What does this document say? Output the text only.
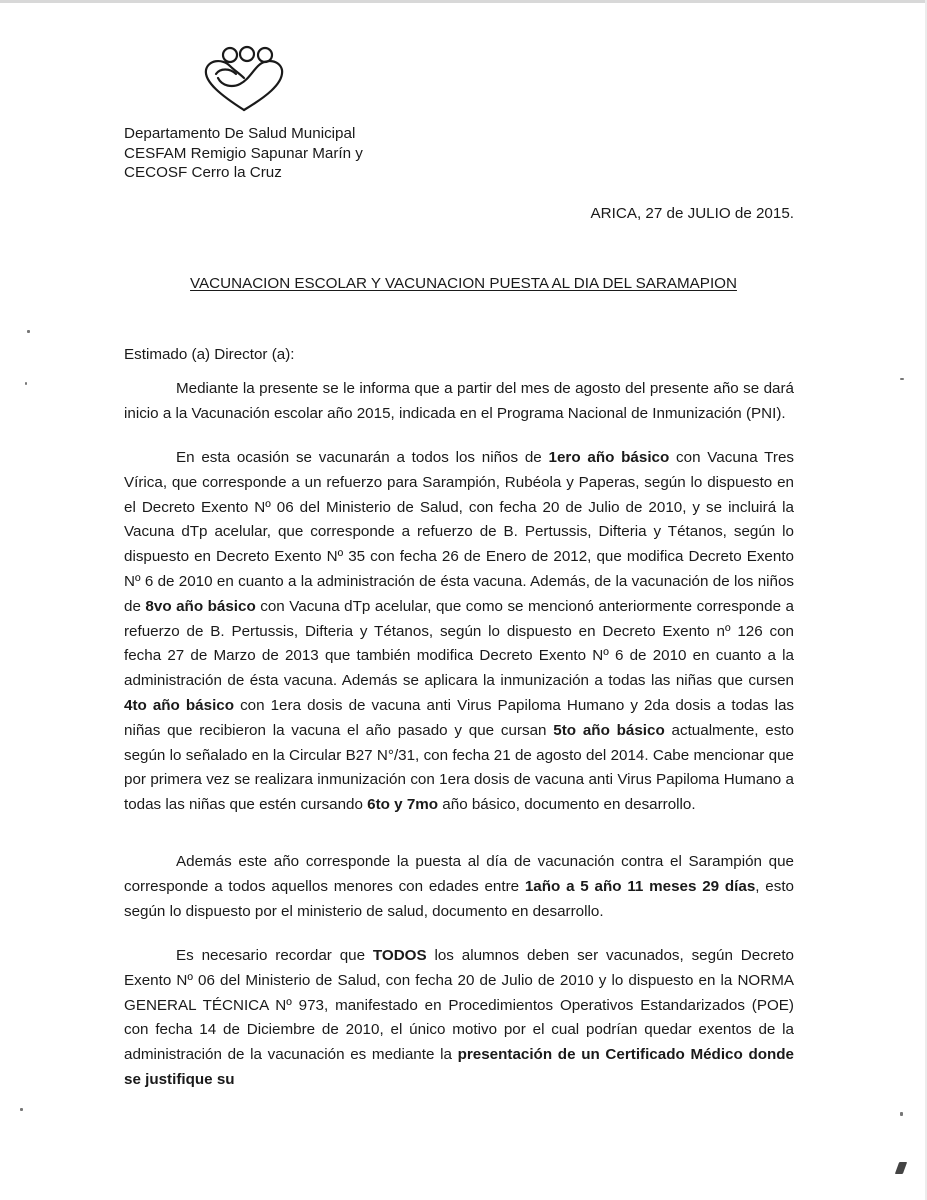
Departamento De Salud Municipal
CESFAM Remigio Sapunar Marín y
CECOSF Cerro la Cruz
ARICA, 27 de JULIO de 2015.
VACUNACION ESCOLAR Y VACUNACION PUESTA AL DIA DEL SARAMAPION
Estimado (a) Director (a):

Mediante la presente se le informa que a partir del mes de agosto del presente año se dará inicio a la Vacunación escolar año 2015, indicada en el Programa Nacional de Inmunización (PNI).

En esta ocasión se vacunarán a todos los niños de 1ero año básico con Vacuna Tres Vírica, que corresponde a un refuerzo para Sarampión, Rubéola y Paperas, según lo dispuesto en el Decreto Exento Nº 06 del Ministerio de Salud, con fecha 20 de Julio de 2010, y se incluirá la Vacuna dTp acelular, que corresponde a refuerzo de B. Pertussis, Difteria y Tétanos, según lo dispuesto en Decreto Exento Nº 35 con fecha 26 de Enero de 2012, que modifica Decreto Exento Nº 6 de 2010 en cuanto a la administración de ésta vacuna. Además, de la vacunación de los niños de 8vo año básico con Vacuna dTp acelular, que como se mencionó anteriormente corresponde a refuerzo de B. Pertussis, Difteria y Tétanos, según lo dispuesto en Decreto Exento nº 126 con fecha 27 de Marzo de 2013 que también modifica Decreto Exento Nº 6 de 2010 en cuanto a la administración de ésta vacuna. Además se aplicara la inmunización a todas las niñas que cursen 4to año básico con 1era dosis de vacuna anti Virus Papiloma Humano y 2da dosis a todas las niñas que recibieron la vacuna el año pasado y que cursan 5to año básico actualmente, esto según lo señalado en la Circular B27 N°/31, con fecha 21 de agosto del 2014. Cabe mencionar que por primera vez se realizara inmunización con 1era dosis de vacuna anti Virus Papiloma Humano a todas las niñas que estén cursando 6to y 7mo año básico, documento en desarrollo.

Además este año corresponde la puesta al día de vacunación contra el Sarampión que corresponde a todos aquellos menores con edades entre 1año a 5 año 11 meses 29 días, esto según lo dispuesto por el ministerio de salud, documento en desarrollo.

Es necesario recordar que TODOS los alumnos deben ser vacunados, según Decreto Exento Nº 06 del Ministerio de Salud, con fecha 20 de Julio de 2010 y lo dispuesto en la NORMA GENERAL TÉCNICA Nº 973, manifestado en Procedimientos Operativos Estandarizados (POE) con fecha 14 de Diciembre de 2010, el único motivo por el cual podrían quedar exentos de la administración de la vacunación es mediante la presentación de un Certificado Médico donde se justifique su
